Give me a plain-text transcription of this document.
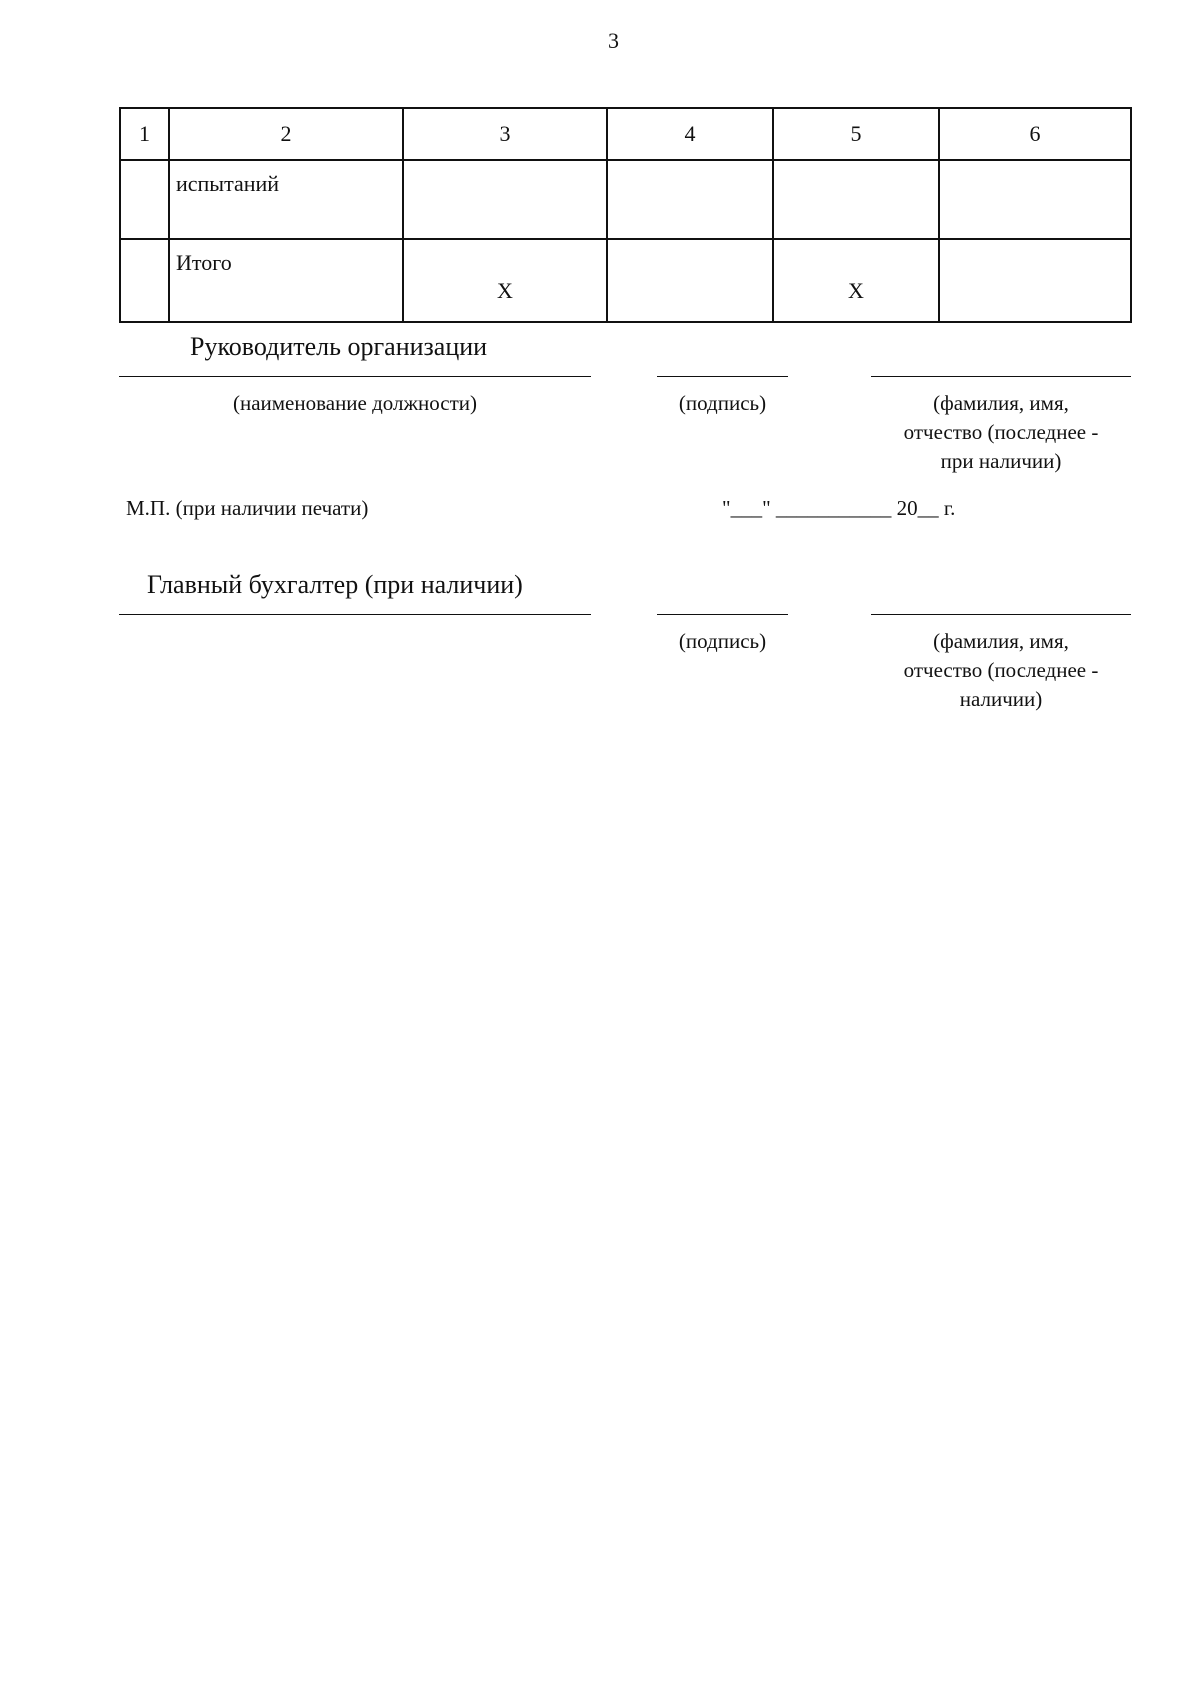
3
1	2	3	4	5	6
	испытаний				
	Итого	Х		Х	
Руководитель организации
(наименование должности)	(подпись)	(фамилия, имя,
отчество (последнее -
при наличии)
М.П. (при наличии печати)	"___" ___________ 20__ г.
Главный бухгалтер (при наличии)
(подпись)	(фамилия, имя,
отчество (последнее -
наличии)
